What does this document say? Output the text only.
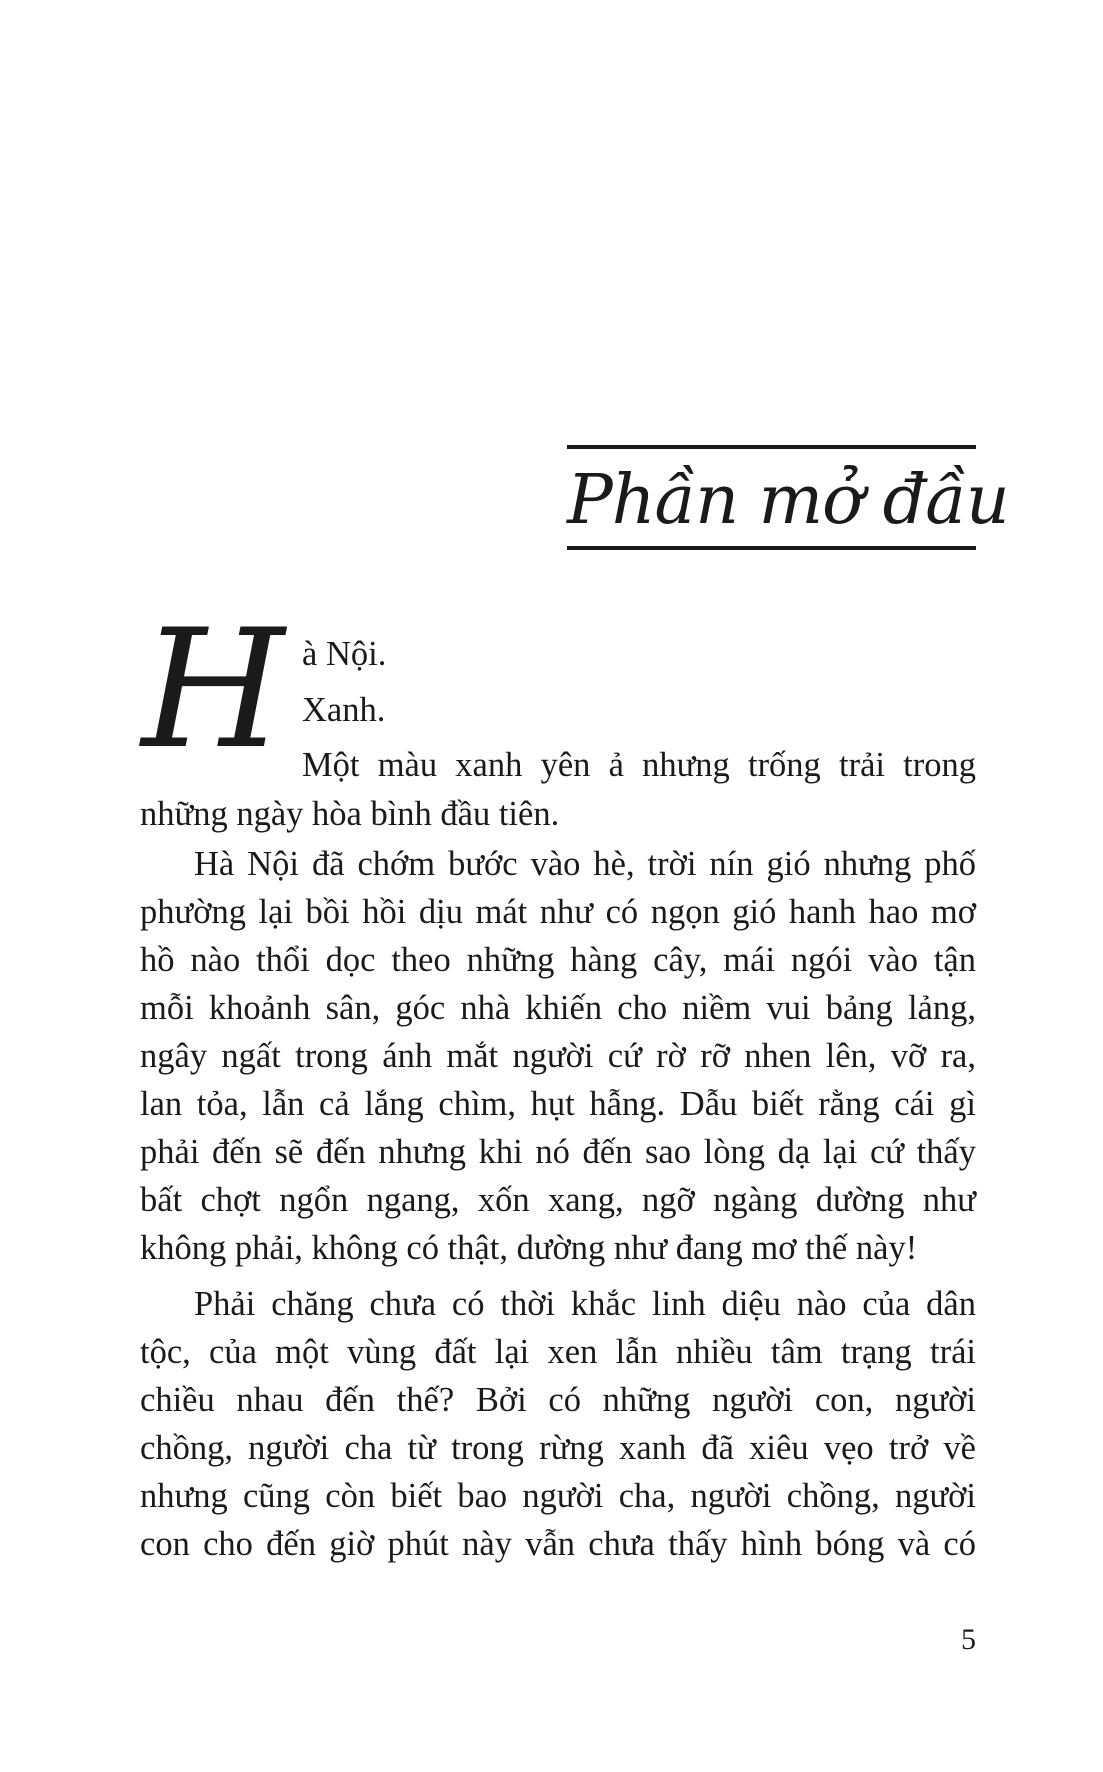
Phần mở đầu
H à Nội.
Xanh.
Một màu xanh yên ả nhưng trống trải trong
những ngày hòa bình đầu tiên.
Hà Nội đã chớm bước vào hè, trời nín gió nhưng phố
phường lại bồi hồi dịu mát như có ngọn gió hanh hao mơ
hồ nào thổi dọc theo những hàng cây, mái ngói vào tận
mỗi khoảnh sân, góc nhà khiến cho niềm vui bảng lảng,
ngây ngất trong ánh mắt người cứ rờ rỡ nhen lên, vỡ ra,
lan tỏa, lẫn cả lắng chìm, hụt hẫng. Dẫu biết rằng cái gì
phải đến sẽ đến nhưng khi nó đến sao lòng dạ lại cứ thấy
bất chợt ngổn ngang, xốn xang, ngỡ ngàng dường như
không phải, không có thật, dường như đang mơ thế này!
Phải chăng chưa có thời khắc linh diệu nào của dân
tộc, của một vùng đất lại xen lẫn nhiều tâm trạng trái
chiều nhau đến thế? Bởi có những người con, người
chồng, người cha từ trong rừng xanh đã xiêu vẹo trở về
nhưng cũng còn biết bao người cha, người chồng, người
con cho đến giờ phút này vẫn chưa thấy hình bóng và có
5
